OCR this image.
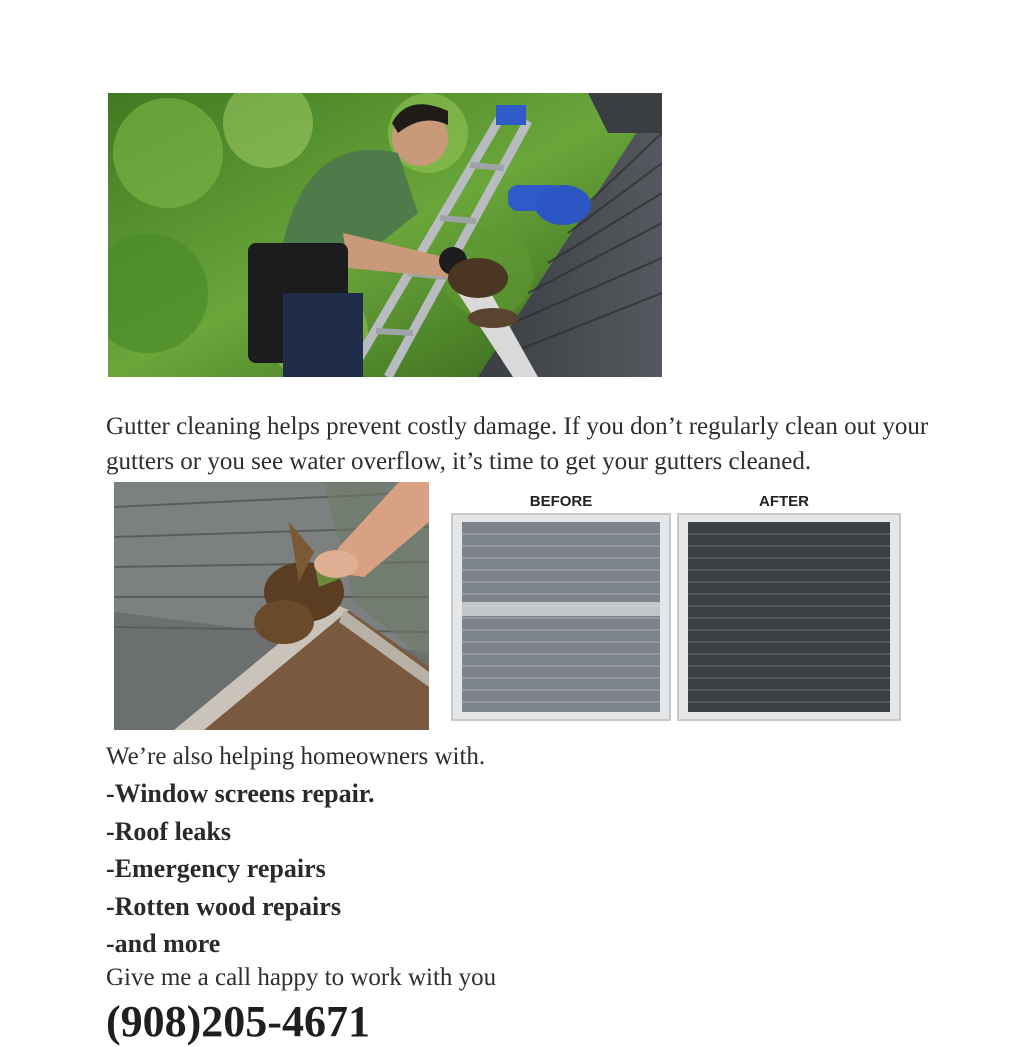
Gutter cleaning helps prevent costly damage. If you don’t regularly clean out your gutters or you see water overflow, it’s time to get your gutters cleaned.

BEFORE	AFTER

We’re also helping homeowners with.

-Window screens repair.
-Roof leaks
-Emergency repairs
-Rotten wood repairs
-and more

Give me a call happy to work with you

(908)205-4671
